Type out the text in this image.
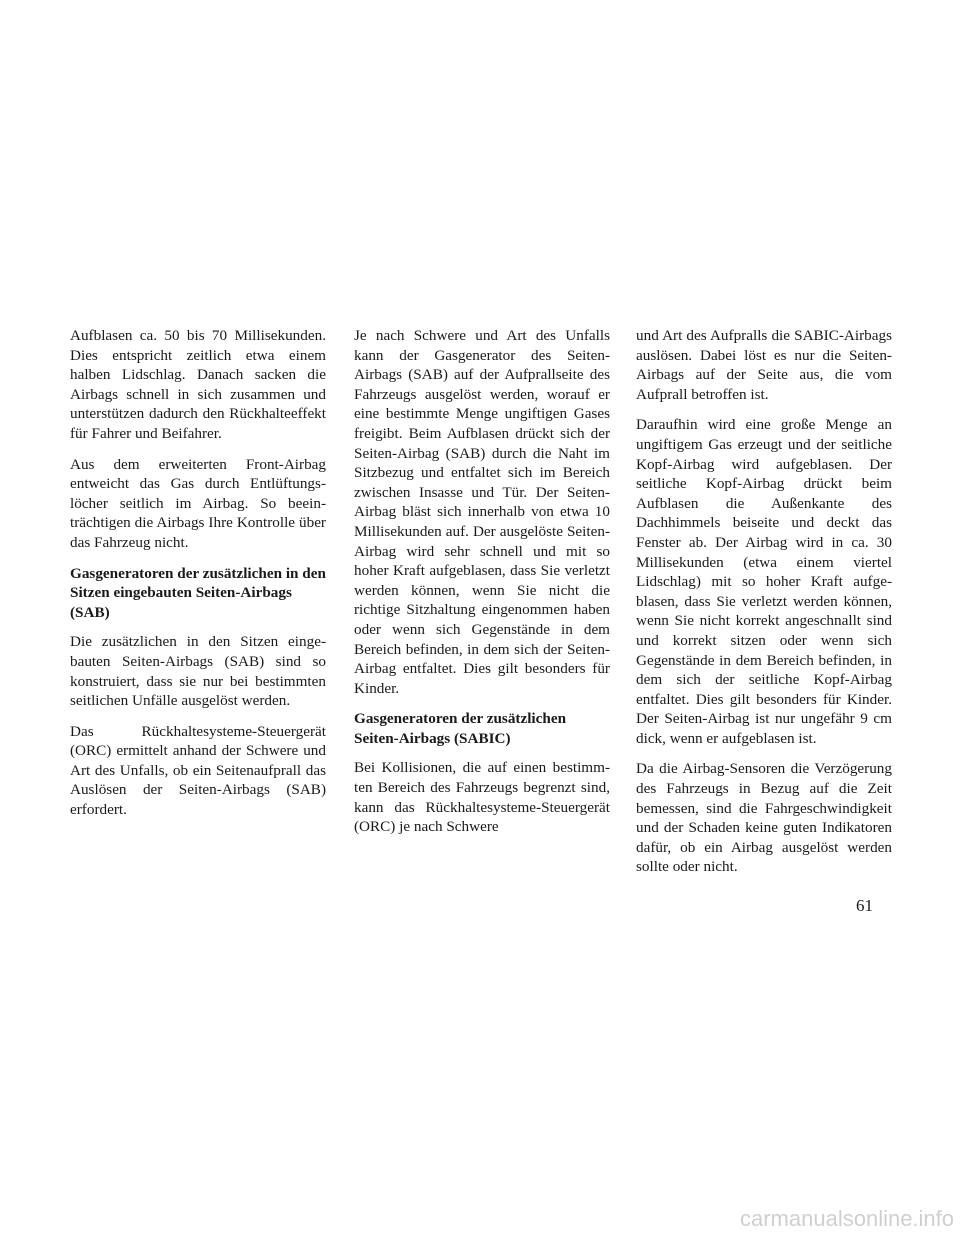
Aufblasen ca. 50 bis 70 Millisekunden. Dies entspricht zeitlich etwa einem halben Lidschlag. Danach sacken die Airbags schnell in sich zusammen und unterstützen dadurch den Rückhalteeffekt für Fahrer und Beifahrer.

Aus dem erweiterten Front-Airbag entweicht das Gas durch Entlüftungslöcher seitlich im Airbag. So beeinträchtigen die Airbags Ihre Kontrolle über das Fahrzeug nicht.

Gasgeneratoren der zusätzlichen in den Sitzen eingebauten Seiten-Airbags (SAB)

Die zusätzlichen in den Sitzen eingebauten Seiten-Airbags (SAB) sind so konstruiert, dass sie nur bei bestimmten seitlichen Unfälle ausgelöst werden.

Das Rückhaltesysteme-Steuergerät (ORC) ermittelt anhand der Schwere und Art des Unfalls, ob ein Seitenaufprall das Auslösen der Seiten-Airbags (SAB) erfordert.

Je nach Schwere und Art des Unfalls kann der Gasgenerator des Seiten-Airbags (SAB) auf der Aufprallseite des Fahrzeugs ausgelöst werden, worauf er eine bestimmte Menge ungiftigen Gases freigibt. Beim Aufblasen drückt sich der Seiten-Airbag (SAB) durch die Naht im Sitzbezug und entfaltet sich im Bereich zwischen Insasse und Tür. Der Seiten-Airbag bläst sich innerhalb von etwa 10 Millisekunden auf. Der ausgelöste Seiten-Airbag wird sehr schnell und mit so hoher Kraft aufgeblasen, dass Sie verletzt werden können, wenn Sie nicht die richtige Sitzhaltung eingenommen haben oder wenn sich Gegenstände in dem Bereich befinden, in dem sich der Seiten-Airbag entfaltet. Dies gilt besonders für Kinder.

Gasgeneratoren der zusätzlichen Seiten-Airbags (SABIC)

Bei Kollisionen, die auf einen bestimmten Bereich des Fahrzeugs begrenzt sind, kann das Rückhaltesysteme-Steuergerät (ORC) je nach Schwere

und Art des Aufpralls die SABIC-Airbags auslösen. Dabei löst es nur die Seiten-Airbags auf der Seite aus, die vom Aufprall betroffen ist.

Daraufhin wird eine große Menge an ungiftigem Gas erzeugt und der seitliche Kopf-Airbag wird aufgeblasen. Der seitliche Kopf-Airbag drückt beim Aufblasen die Außenkante des Dachhimmels beiseite und deckt das Fenster ab. Der Airbag wird in ca. 30 Millisekunden (etwa einem viertel Lidschlag) mit so hoher Kraft aufgeblasen, dass Sie verletzt werden können, wenn Sie nicht korrekt angeschnallt sind und korrekt sitzen oder wenn sich Gegenstände in dem Bereich befinden, in dem sich der seitliche Kopf-Airbag entfaltet. Dies gilt besonders für Kinder. Der Seiten-Airbag ist nur ungefähr 9 cm dick, wenn er aufgeblasen ist.

Da die Airbag-Sensoren die Verzögerung des Fahrzeugs in Bezug auf die Zeit bemessen, sind die Fahrgeschwindigkeit und der Schaden keine guten Indikatoren dafür, ob ein Airbag ausgelöst werden sollte oder nicht.

61
carmanualsonline.info
